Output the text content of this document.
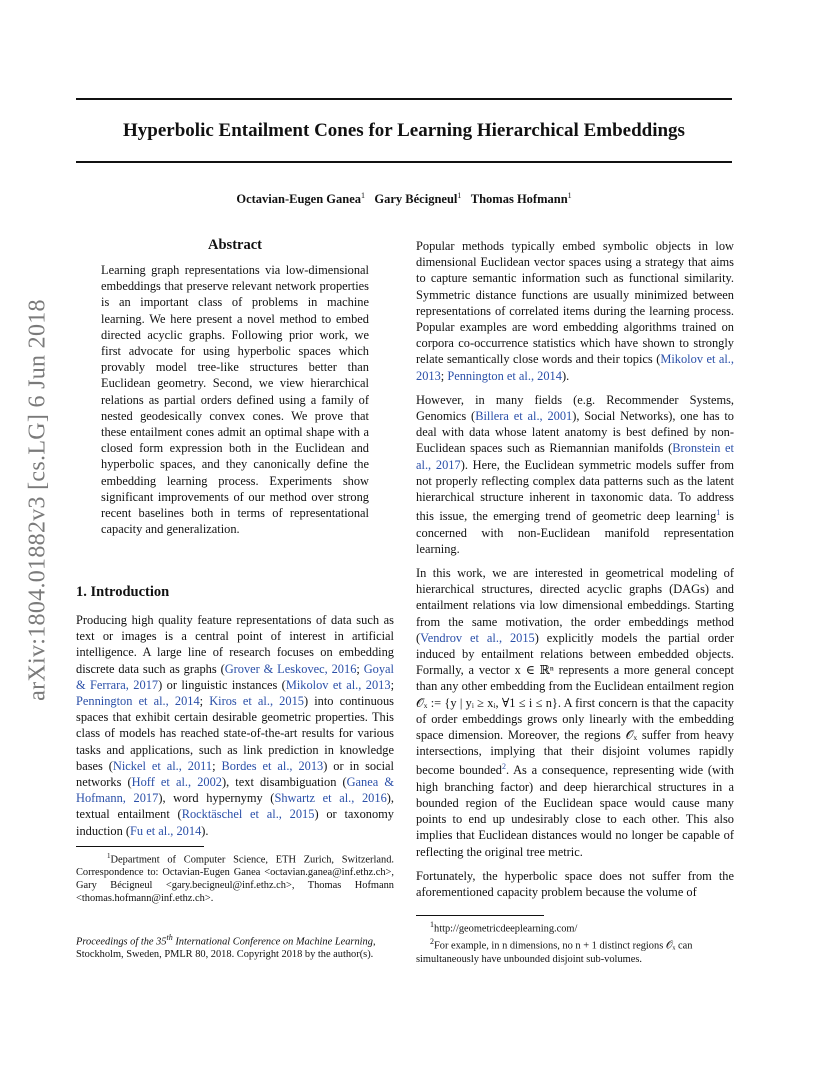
Hyperbolic Entailment Cones for Learning Hierarchical Embeddings
Octavian-Eugen Ganea$^1$ Gary Bécigneul$^1$ Thomas Hofmann$^1$
arXiv:1804.01882v3 [cs.LG] 6 Jun 2018
Abstract
Learning graph representations via low-dimensional embeddings that preserve relevant network properties is an important class of problems in machine learning. We here present a novel method to embed directed acyclic graphs. Following prior work, we first advocate for using hyperbolic spaces which provably model tree-like structures better than Euclidean geometry. Second, we view hierarchical relations as partial orders defined using a family of nested geodesically convex cones. We prove that these entailment cones admit an optimal shape with a closed form expression both in the Euclidean and hyperbolic spaces, and they canonically define the embedding learning process. Experiments show significant improvements of our method over strong recent baselines both in terms of representational capacity and generalization.
1. Introduction
Producing high quality feature representations of data such as text or images is a central point of interest in artificial intelligence. A large line of research focuses on embedding discrete data such as graphs (Grover & Leskovec, 2016; Goyal & Ferrara, 2017) or linguistic instances (Mikolov et al., 2013; Pennington et al., 2014; Kiros et al., 2015) into continuous spaces that exhibit certain desirable geometric properties. This class of models has reached state-of-the-art results for various tasks and applications, such as link prediction in knowledge bases (Nickel et al., 2011; Bordes et al., 2013) or in social networks (Hoff et al., 2002), text disambiguation (Ganea & Hofmann, 2017), word hypernymy (Shwartz et al., 2016), textual entailment (Rocktäschel et al., 2015) or taxonomy induction (Fu et al., 2014).
$^1$Department of Computer Science, ETH Zurich, Switzerland. Correspondence to: Octavian-Eugen Ganea <octavian.ganea@inf.ethz.ch>, Gary Bécigneul <gary.becigneul@inf.ethz.ch>, Thomas Hofmann <thomas.hofmann@inf.ethz.ch>.
Proceedings of the 35th International Conference on Machine Learning, Stockholm, Sweden, PMLR 80, 2018. Copyright 2018 by the author(s).

Popular methods typically embed symbolic objects in low dimensional Euclidean vector spaces using a strategy that aims to capture semantic information such as functional similarity. Symmetric distance functions are usually minimized between representations of correlated items during the learning process. Popular examples are word embedding algorithms trained on corpora co-occurrence statistics which have shown to strongly relate semantically close words and their topics (Mikolov et al., 2013; Pennington et al., 2014).

However, in many fields (e.g. Recommender Systems, Genomics (Billera et al., 2001), Social Networks), one has to deal with data whose latent anatomy is best defined by non-Euclidean spaces such as Riemannian manifolds (Bronstein et al., 2017). Here, the Euclidean symmetric models suffer from not properly reflecting complex data patterns such as the latent hierarchical structure inherent in taxonomic data. To address this issue, the emerging trend of geometric deep learning$^1$ is concerned with non-Euclidean manifold representation learning.

In this work, we are interested in geometrical modeling of hierarchical structures, directed acyclic graphs (DAGs) and entailment relations via low dimensional embeddings. Starting from the same motivation, the order embeddings method (Vendrov et al., 2015) explicitly models the partial order induced by entailment relations between embedded objects. Formally, a vector x ∈ ℝⁿ represents a more general concept than any other embedding from the Euclidean entailment region 𝒪ₓ := {y | yᵢ ≥ xᵢ, ∀1 ≤ i ≤ n}. A first concern is that the capacity of order embeddings grows only linearly with the embedding space dimension. Moreover, the regions 𝒪ₓ suffer from heavy intersections, implying that their disjoint volumes rapidly become bounded$^2$. As a consequence, representing wide (with high branching factor) and deep hierarchical structures in a bounded region of the Euclidean space would cause many points to end up undesirably close to each other. This also implies that Euclidean distances would no longer be capable of reflecting the original tree metric.

Fortunately, the hyperbolic space does not suffer from the aforementioned capacity problem because the volume of

$^1$http://geometricdeeplearning.com/

$^2$For example, in n dimensions, no n + 1 distinct regions 𝒪ₓ can simultaneously have unbounded disjoint sub-volumes.
